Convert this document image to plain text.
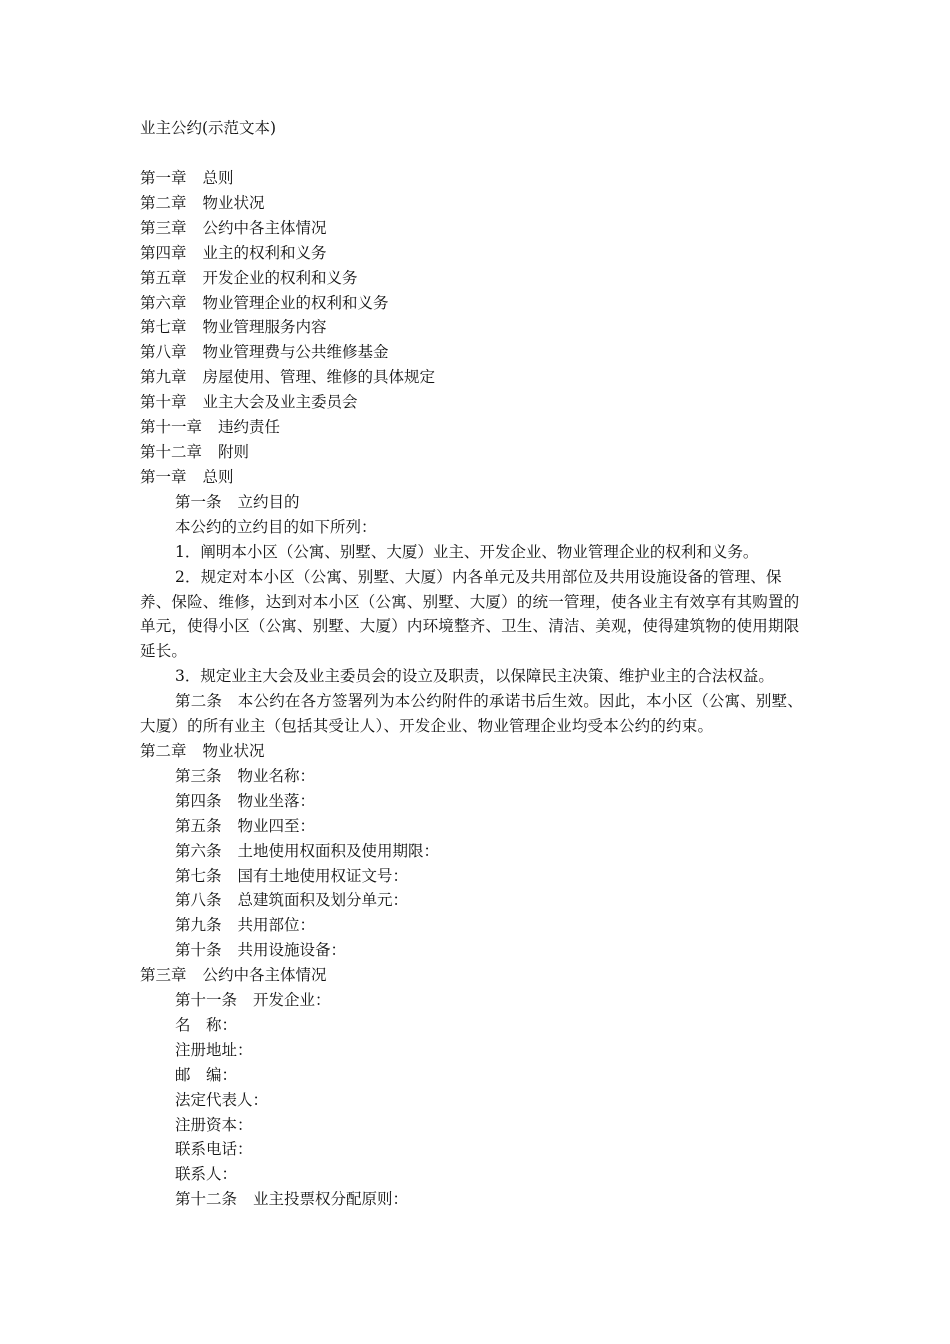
业主公约(示范文本)
第一章 总则
第二章 物业状况
第三章 公约中各主体情况
第四章 业主的权利和义务
第五章 开发企业的权利和义务
第六章 物业管理企业的权利和义务
第七章 物业管理服务内容
第八章 物业管理费与公共维修基金
第九章 房屋使用、管理、维修的具体规定
第十章 业主大会及业主委员会
第十一章 违约责任
第十二章 附则
第一章 总则
第一条 立约目的
本公约的立约目的如下所列：
1．阐明本小区（公寓、别墅、大厦）业主、开发企业、物业管理企业的权利和义务。
2．规定对本小区（公寓、别墅、大厦）内各单元及共用部位及共用设施设备的管理、保养、保险、维修，达到对本小区（公寓、别墅、大厦）的统一管理，使各业主有效享有其购置的单元，使得小区（公寓、别墅、大厦）内环境整齐、卫生、清洁、美观，使得建筑物的使用期限延长。
3．规定业主大会及业主委员会的设立及职责，以保障民主决策、维护业主的合法权益。
第二条　本公约在各方签署列为本公约附件的承诺书后生效。因此，本小区（公寓、别墅、大厦）的所有业主（包括其受让人）、开发企业、物业管理企业均受本公约的约束。
第二章 物业状况
第三条 物业名称：
第四条 物业坐落：
第五条 物业四至：
第六条 土地使用权面积及使用期限：
第七条 国有土地使用权证文号：
第八条 总建筑面积及划分单元：
第九条 共用部位：
第十条 共用设施设备：
第三章 公约中各主体情况
第十一条 开发企业：
名　称：
注册地址：
邮　编：
法定代表人：
注册资本：
联系电话：
联系人：
第十二条 业主投票权分配原则：
